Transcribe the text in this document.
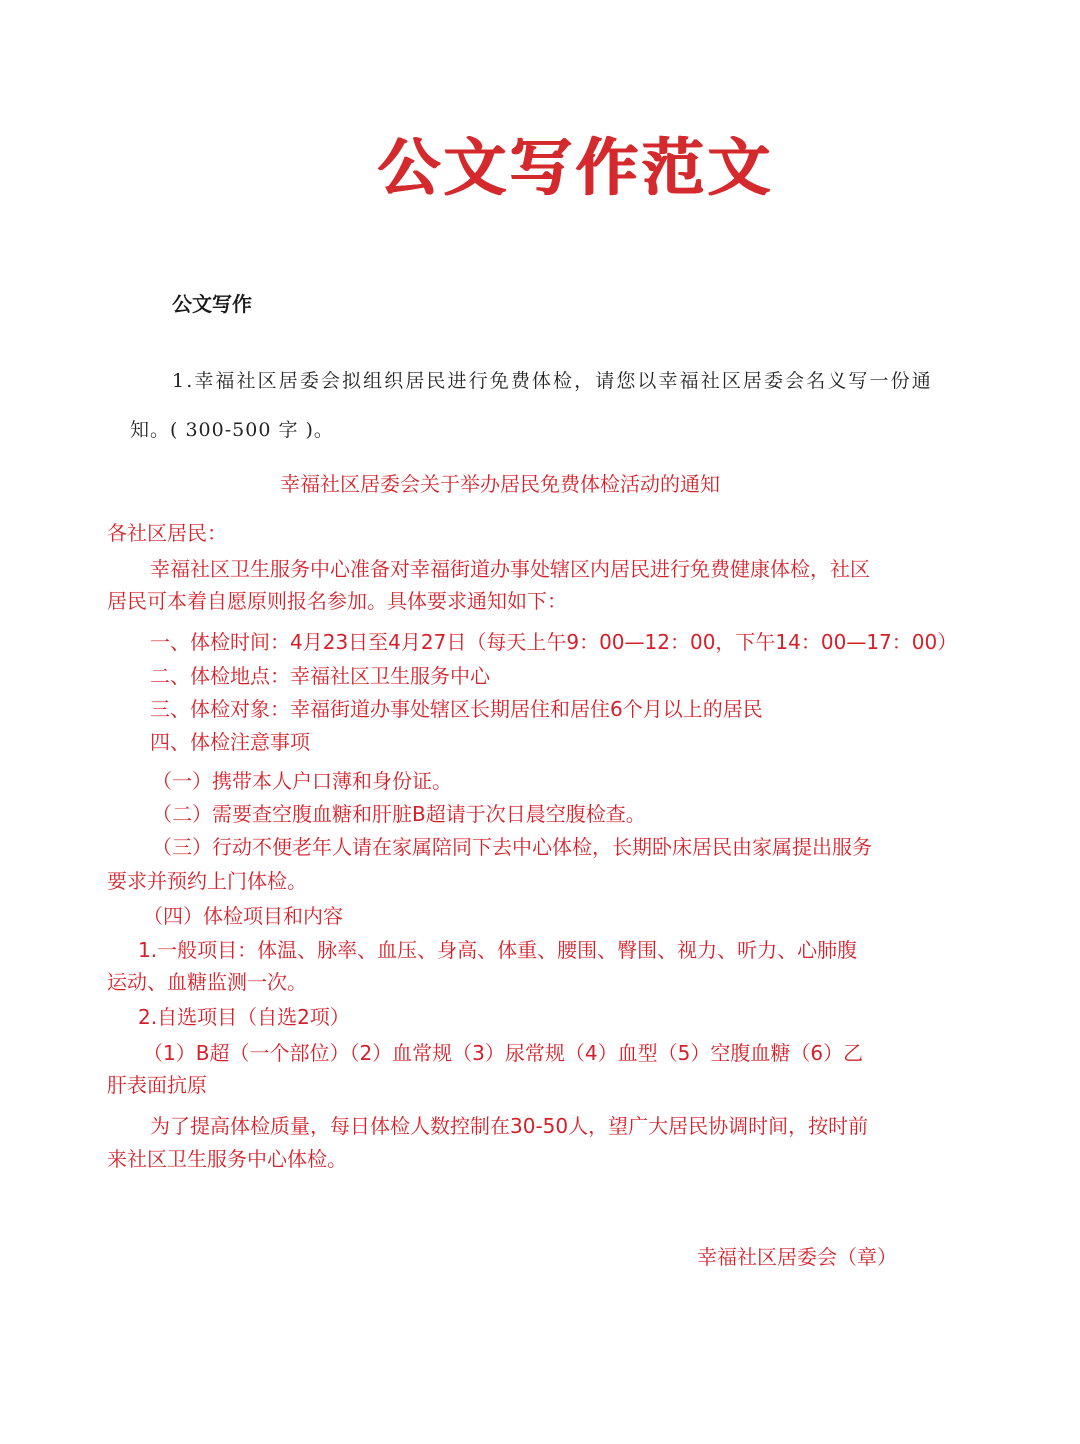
公文写作范文
公文写作
1.幸福社区居委会拟组织居民进行免费体检，请您以幸福社区居委会名义写一份通
知。( 300-500 字 )。
幸福社区居委会关于举办居民免费体检活动的通知
各社区居民：
幸福社区卫生服务中心准备对幸福街道办事处辖区内居民进行免费健康体检，社区
居民可本着自愿原则报名参加。具体要求通知如下：
一、体检时间：4月23日至4月27日（每天上午9：00—12：00，下午14：00—17：00）
二、体检地点：幸福社区卫生服务中心
三、体检对象：幸福街道办事处辖区长期居住和居住6个月以上的居民
四、体检注意事项
（一）携带本人户口薄和身份证。
（二）需要查空腹血糖和肝脏B超请于次日晨空腹检查。
（三）行动不便老年人请在家属陪同下去中心体检，长期卧床居民由家属提出服务
要求并预约上门体检。
（四）体检项目和内容
1.一般项目：体温、脉率、血压、身高、体重、腰围、臀围、视力、听力、心肺腹
运动、血糖监测一次。
2.自选项目（自选2项）
（1）B超（一个部位）（2）血常规（3）尿常规（4）血型（5）空腹血糖（6）乙
肝表面抗原
为了提高体检质量，每日体检人数控制在30-50人，望广大居民协调时间，按时前
来社区卫生服务中心体检。
幸福社区居委会（章）
